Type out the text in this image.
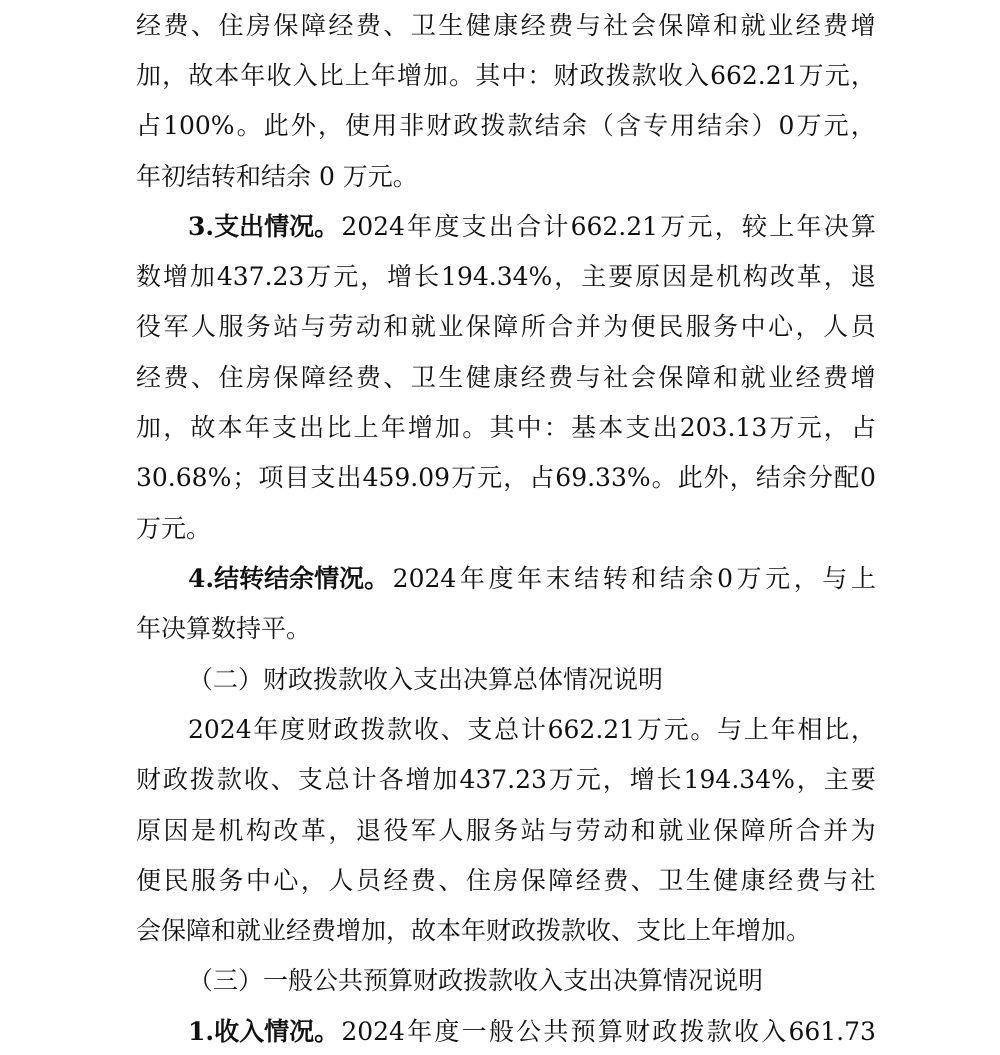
经 费 、 住 房 保 障 经 费 、 卫 生 健 康 经 费 与 社 会 保 障 和 就 业 经 费 增
加 ， 故 本 年 收 入 比 上 年 增 加 。 其 中 ： 财 政 拨 款 收 入 662.21 万 元 ，
占 100% 。 此 外 ， 使 用 非 财 政 拨 款 结 余 （ 含 专 用 结 余 ） 0 万 元 ，
年初结转和结余 0 万元。
3.支出情况。 2024 年 度 支 出 合 计 662.21 万 元 ， 较 上 年 决 算
数 增 加 437.23 万 元 ， 增 长 194.34% ， 主 要 原 因 是 机 构 改 革 ， 退
役 军 人 服 务 站 与 劳 动 和 就 业 保 障 所 合 并 为 便 民 服 务 中 心 ， 人 员
经 费 、 住 房 保 障 经 费 、 卫 生 健 康 经 费 与 社 会 保 障 和 就 业 经 费 增
加 ， 故 本 年 支 出 比 上 年 增 加 。 其 中 ： 基 本 支 出 203.13 万 元 ， 占
30.68% ； 项 目 支 出 459.09 万 元 ， 占 69.33% 。 此 外 ， 结 余 分 配 0
万元。
4.结转结余情况。 2024 年 度 年 末 结 转 和 结 余 0 万 元 ， 与 上
年决算数持平。
（二）财政拨款收入支出决算总体情况说明
2024 年 度 财 政 拨 款 收 、 支 总 计 662.21 万 元 。 与 上 年 相 比 ，
财 政 拨 款 收 、 支 总 计 各 增 加 437.23 万 元 ， 增 长 194.34% ， 主 要
原 因 是 机 构 改 革 ， 退 役 军 人 服 务 站 与 劳 动 和 就 业 保 障 所 合 并 为
便 民 服 务 中 心 ， 人 员 经 费 、 住 房 保 障 经 费 、 卫 生 健 康 经 费 与 社
会保障和就业经费增加，故本年财政拨款收、支比上年增加。
（三）一般公共预算财政拨款收入支出决算情况说明
1.收入情况。 2024 年 度 一 般 公 共 预 算 财 政 拨 款 收 入 661.73
